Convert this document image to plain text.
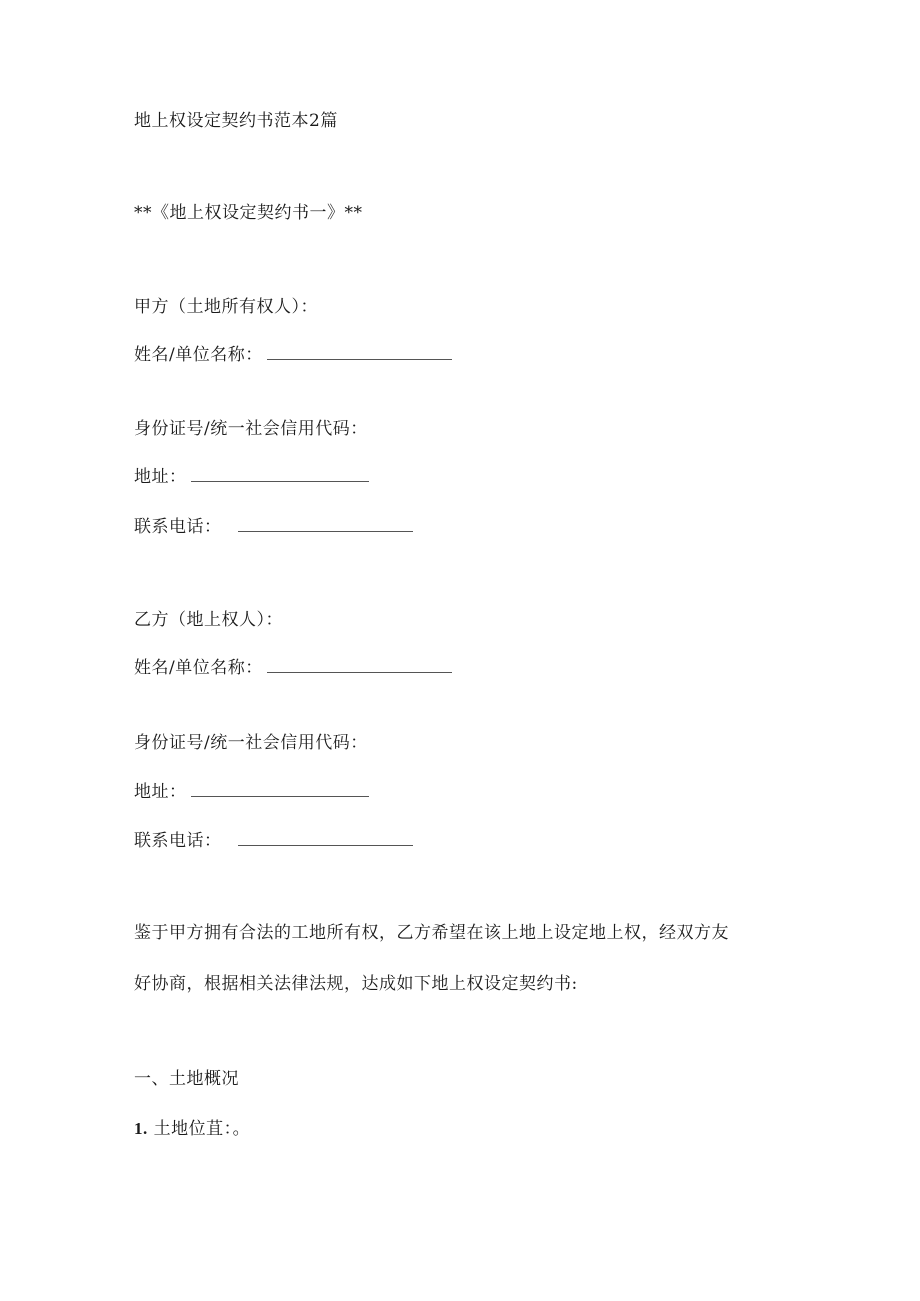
地上权设定契约书范本2篇
**《地上权设定契约书一》**
甲方（土地所有权人）：
姓名/单位名称：
身份证号/统一社会信用代码：
地址：
联系电话：
乙方（地上权人）：
姓名/单位名称：
身份证号/统一社会信用代码：
地址：
联系电话：
鉴于甲方拥有合法的工地所有权，乙方希望在该上地上设定地上权，经双方友
好协商，根据相关法律法规，达成如下地上权设定契约书:
一、土地概况
1. 土地位苴：。
